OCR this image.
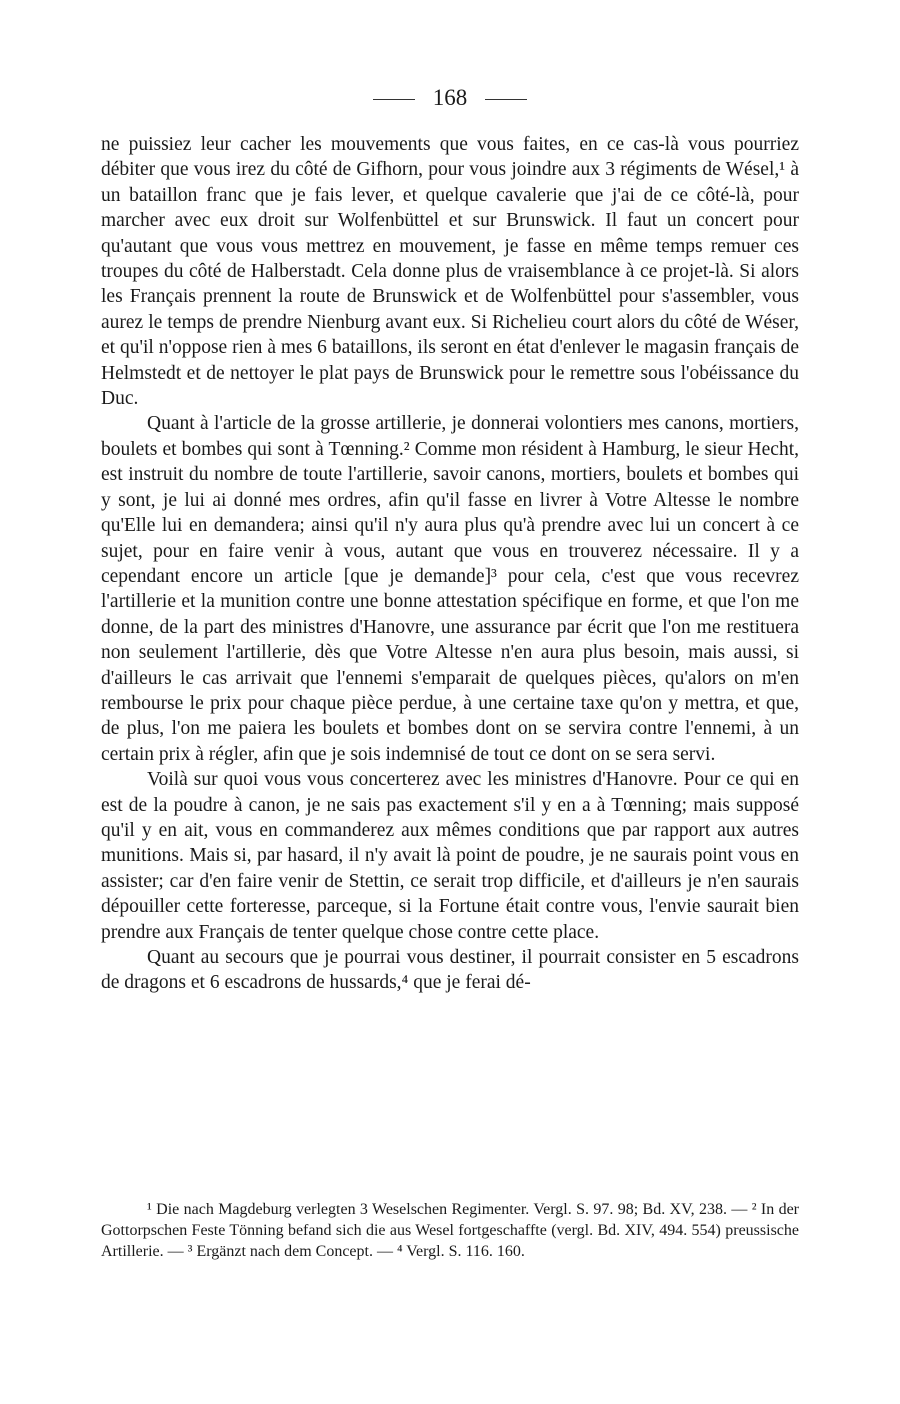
168

ne puissiez leur cacher les mouvements que vous faites, en ce cas-là vous pourriez débiter que vous irez du côté de Gifhorn, pour vous joindre aux 3 régiments de Wésel,¹ à un bataillon franc que je fais lever, et quelque cavalerie que j'ai de ce côté-là, pour marcher avec eux droit sur Wolfenbüttel et sur Brunswick. Il faut un concert pour qu'autant que vous vous mettrez en mouvement, je fasse en même temps remuer ces troupes du côté de Halberstadt. Cela donne plus de vraisemblance à ce projet-là. Si alors les Français prennent la route de Brunswick et de Wolfenbüttel pour s'assembler, vous aurez le temps de prendre Nienburg avant eux. Si Richelieu court alors du côté de Wéser, et qu'il n'oppose rien à mes 6 bataillons, ils seront en état d'enlever le magasin français de Helmstedt et de nettoyer le plat pays de Brunswick pour le remettre sous l'obéissance du Duc.

Quant à l'article de la grosse artillerie, je donnerai volontiers mes canons, mortiers, boulets et bombes qui sont à Tœnning.² Comme mon résident à Hamburg, le sieur Hecht, est instruit du nombre de toute l'artillerie, savoir canons, mortiers, boulets et bombes qui y sont, je lui ai donné mes ordres, afin qu'il fasse en livrer à Votre Altesse le nombre qu'Elle lui en demandera; ainsi qu'il n'y aura plus qu'à prendre avec lui un concert à ce sujet, pour en faire venir à vous, autant que vous en trouverez nécessaire. Il y a cependant encore un article [que je demande]³ pour cela, c'est que vous recevrez l'artillerie et la munition contre une bonne attestation spécifique en forme, et que l'on me donne, de la part des ministres d'Hanovre, une assurance par écrit que l'on me restituera non seulement l'artillerie, dès que Votre Altesse n'en aura plus besoin, mais aussi, si d'ailleurs le cas arrivait que l'ennemi s'emparait de quelques pièces, qu'alors on m'en rembourse le prix pour chaque pièce perdue, à une certaine taxe qu'on y mettra, et que, de plus, l'on me paiera les boulets et bombes dont on se servira contre l'ennemi, à un certain prix à régler, afin que je sois indemnisé de tout ce dont on se sera servi.

Voilà sur quoi vous vous concerterez avec les ministres d'Hanovre. Pour ce qui en est de la poudre à canon, je ne sais pas exactement s'il y en a à Tœnning; mais supposé qu'il y en ait, vous en commanderez aux mêmes conditions que par rapport aux autres munitions. Mais si, par hasard, il n'y avait là point de poudre, je ne saurais point vous en assister; car d'en faire venir de Stettin, ce serait trop difficile, et d'ailleurs je n'en saurais dépouiller cette forteresse, parceque, si la Fortune était contre vous, l'envie saurait bien prendre aux Français de tenter quelque chose contre cette place.

Quant au secours que je pourrai vous destiner, il pourrait consister en 5 escadrons de dragons et 6 escadrons de hussards,⁴ que je ferai dé-

¹ Die nach Magdeburg verlegten 3 Weselschen Regimenter. Vergl. S. 97. 98; Bd. XV, 238. — ² In der Gottorpschen Feste Tönning befand sich die aus Wesel fortgeschaffte (vergl. Bd. XIV, 494. 554) preussische Artillerie. — ³ Ergänzt nach dem Concept. — ⁴ Vergl. S. 116. 160.
